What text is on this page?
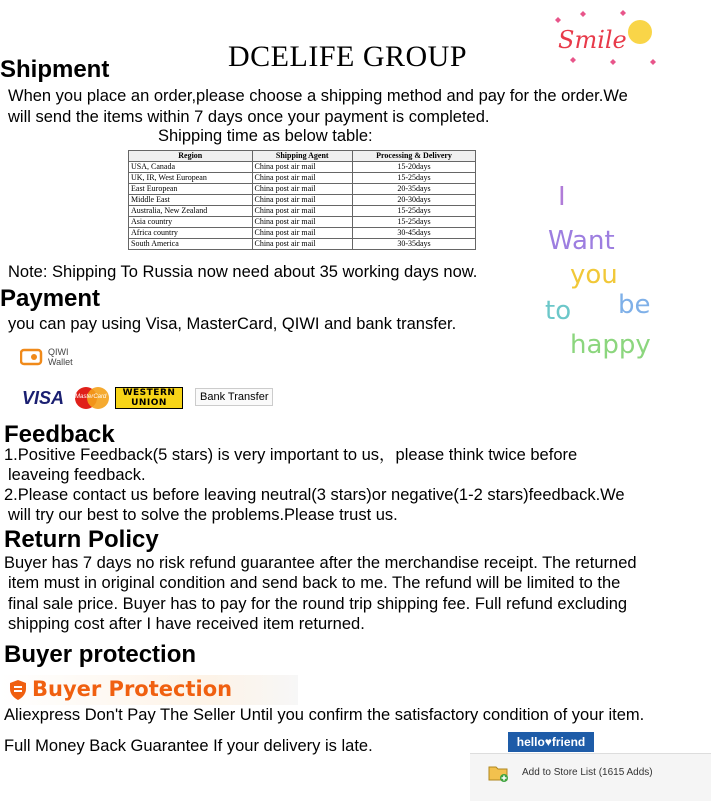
DCELIFE GROUP	Smile
I
Want
you
to be
happy
Shipment
When you place an order,please choose a shipping method and pay for the order.We
will send the items within 7 days once your payment is completed.
Shipping time as below table:
Region	Shipping Agent	Processing & Delivery
USA, Canada	China post air mail	15-20days
UK, IR, West European	China post air mail	15-25days
East European	China post air mail	20-35days
Middle East	China post air mail	20-30days
Australia, New Zealand	China post air mail	15-25days
Asia country	China post air mail	15-25days
Africa country	China post air mail	30-45days
South America	China post air mail	30-35days
Note: Shipping To Russia now need about 35 working days now.
Payment
you can pay using Visa, MasterCard, QIWI and bank transfer.
QIWI Wallet
VISA MasterCard	WESTERN
UNION	Bank Transfer
Feedback
1.Positive Feedback(5 stars) is very important to us，please think twice before
leaveing feedback.
2.Please contact us before leaving neutral(3 stars)or negative(1-2 stars)feedback.We
will try our best to solve the problems.Please trust us.
Return Policy
Buyer has 7 days no risk refund guarantee after the merchandise receipt. The returned
item must in original condition and send back to me. The refund will be limited to the
final sale price. Buyer has to pay for the round trip shipping fee. Full refund excluding
shipping cost after I have received item returned.
Buyer protection
Buyer Protection
Aliexpress Don't Pay The Seller Until you confirm the satisfactory condition of your item.
Full Money Back Guarantee If your delivery is late.	hello♥friend
Add to Store List (1615 Adds)
